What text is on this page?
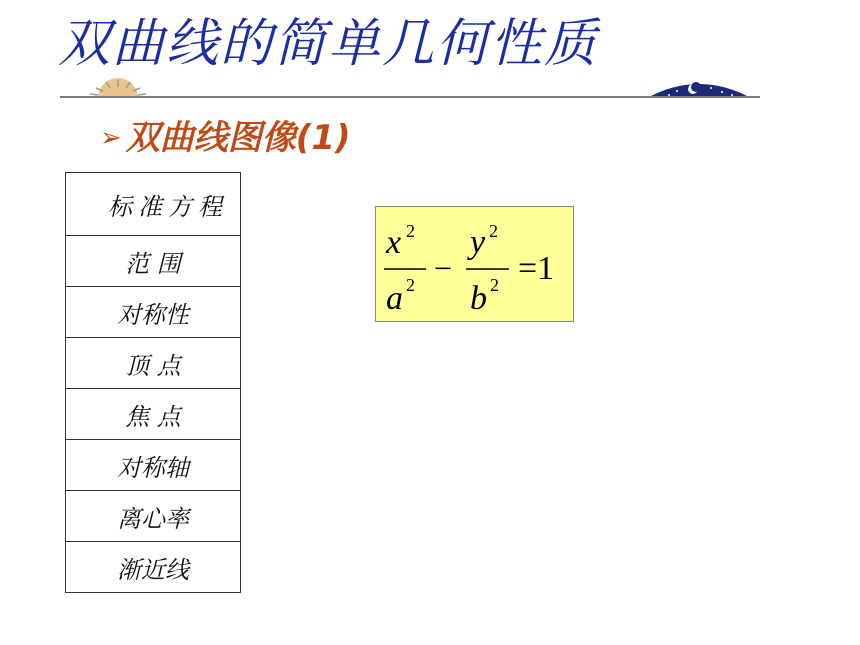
双曲线的简单几何性质
➢ 双曲线图像(1)
标准方程
范 围
对称性
顶 点
焦 点
对称轴
离心率
渐近线
x 2
a 2 −
y 2
b 2 =1
